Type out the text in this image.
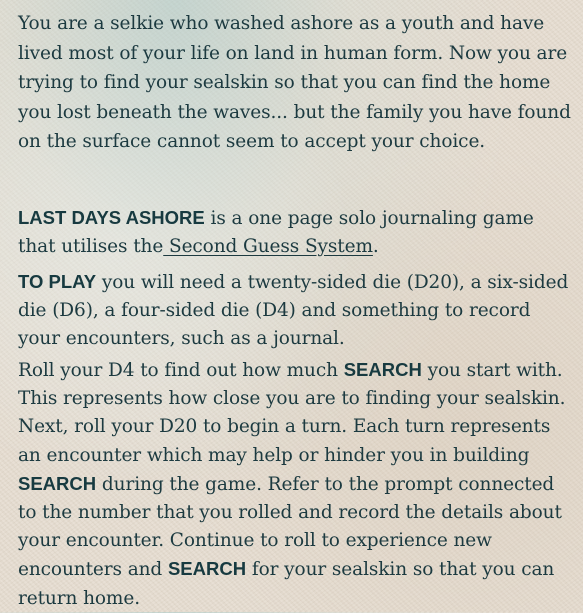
You are a selkie who washed ashore as a youth and have lived most of your life on land in human form. Now you are trying to find your sealskin so that you can find the home you lost beneath the waves... but the family you have found on the surface cannot seem to accept your choice.

LAST DAYS ASHORE is a one page solo journaling game that utilises the Second Guess System.

TO PLAY you will need a twenty-sided die (D20), a six-sided die (D6), a four-sided die (D4) and something to record your encounters, such as a journal.

Roll your D4 to find out how much SEARCH you start with. This represents how close you are to finding your sealskin. Next, roll your D20 to begin a turn. Each turn represents an encounter which may help or hinder you in building SEARCH during the game. Refer to the prompt connected to the number that you rolled and record the details about your encounter. Continue to roll to experience new encounters and SEARCH for your sealskin so that you can return home.
